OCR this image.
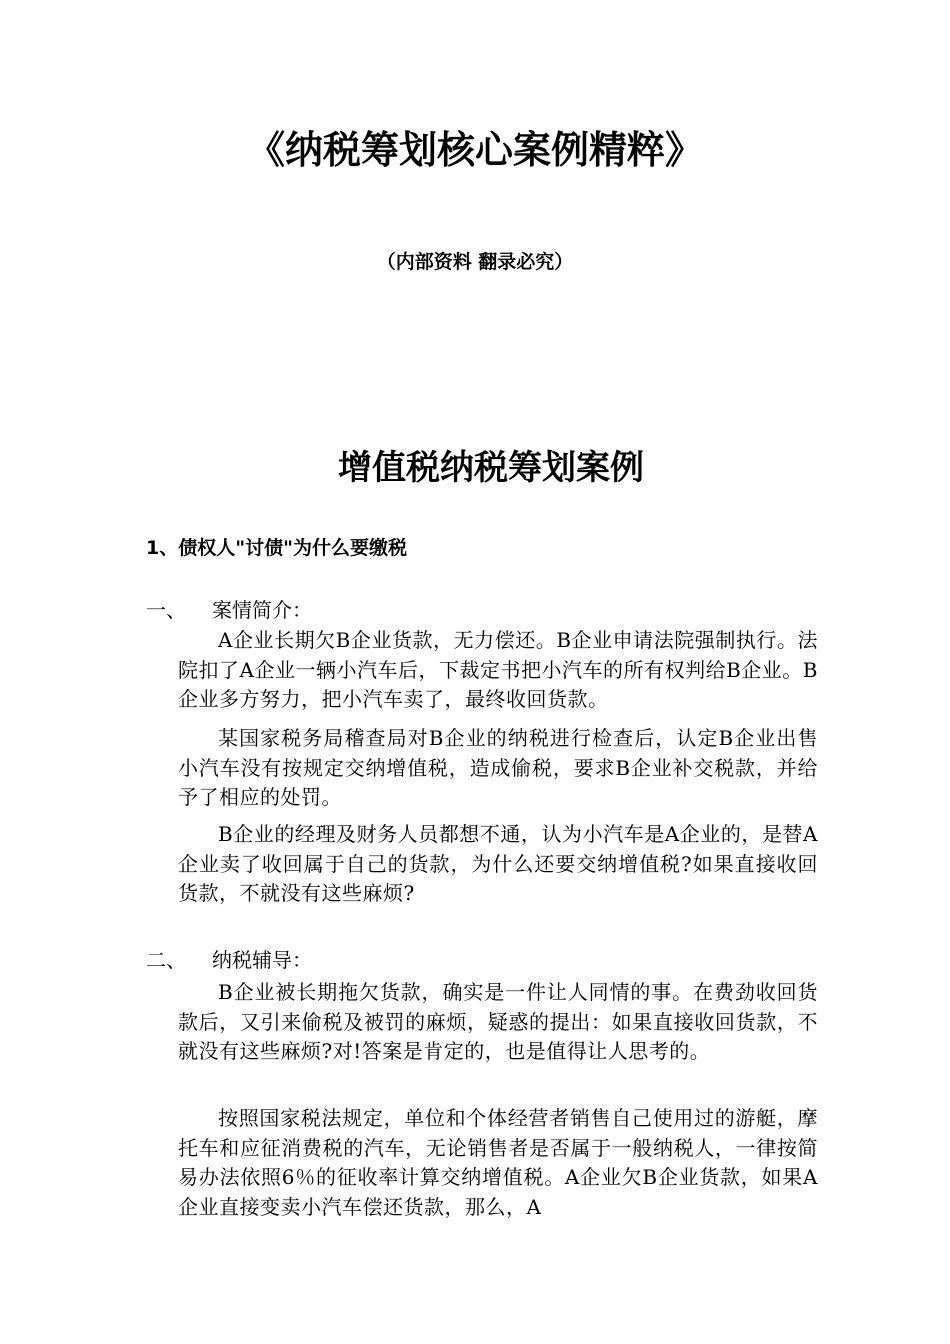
《纳税筹划核心案例精粹》
（内部资料 翻录必究）
增值税纳税筹划案例
1、债权人"讨债"为什么要缴税
一、 案情简介：

A企业长期欠B企业货款，无力偿还。B企业申请法院强制执行。法院扣了A企业一辆小汽车后，下裁定书把小汽车的所有权判给B企业。B企业多方努力，把小汽车卖了，最终收回货款。

某国家税务局稽查局对B企业的纳税进行检查后，认定B企业出售小汽车没有按规定交纳增值税，造成偷税，要求B企业补交税款，并给予了相应的处罚。

B企业的经理及财务人员都想不通，认为小汽车是A企业的，是替A企业卖了收回属于自己的货款，为什么还要交纳增值税?如果直接收回货款，不就没有这些麻烦?

二、 纳税辅导：

B企业被长期拖欠货款，确实是一件让人同情的事。在费劲收回货款后，又引来偷税及被罚的麻烦，疑惑的提出：如果直接收回货款，不就没有这些麻烦?对!答案是肯定的，也是值得让人思考的。

按照国家税法规定，单位和个体经营者销售自己使用过的游艇，摩托车和应征消费税的汽车，无论销售者是否属于一般纳税人，一律按简易办法依照6％的征收率计算交纳增值税。A企业欠B企业货款，如果A企业直接变卖小汽车偿还货款，那么，A
